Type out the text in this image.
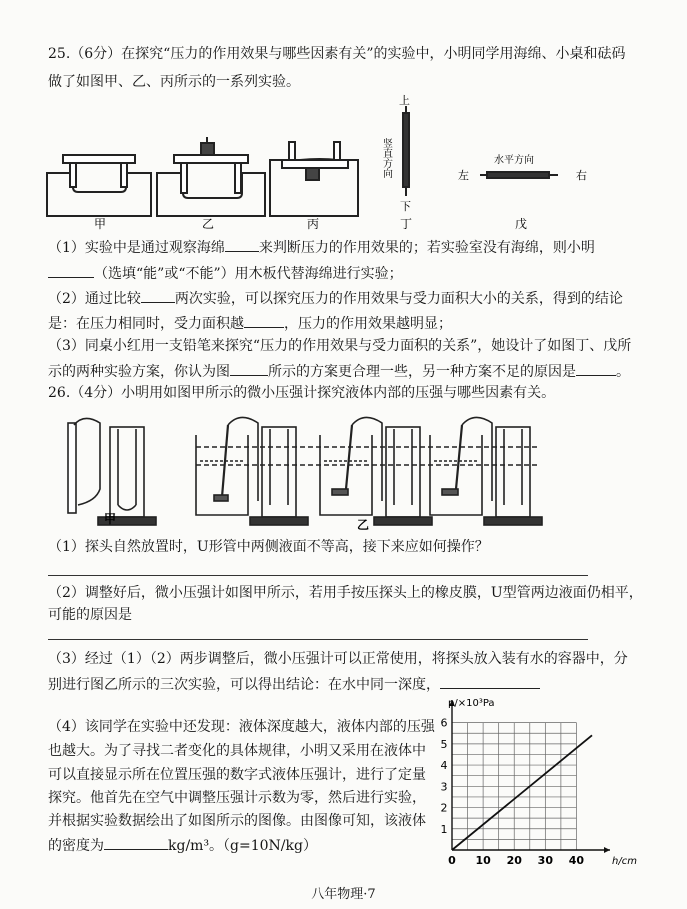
25.（6分）在探究“压力的作用效果与哪些因素有关”的实验中，小明同学用海绵、小桌和砝码
做了如图甲、乙、丙所示的一系列实验。
上
下
竖直方向	左
水平方向
右
甲	乙	丙	丁	戊
（1）实验中是通过观察海绵 来判断压力的作用效果的；若实验室没有海绵，则小明
（选填“能”或“不能”）用木板代替海绵进行实验；
（2）通过比较 两次实验，可以探究压力的作用效果与受力面积大小的关系，得到的结论
是：在压力相同时，受力面积越	，压力的作用效果越明显；
（3）同桌小红用一支铅笔来探究“压力的作用效果与受力面积的关系”，她设计了如图丁、戊所
示的两种实验方案，你认为图	所示的方案更合理一些，另一种方案不足的原因是	。
26.（4分）小明用如图甲所示的微小压强计探究液体内部的压强与哪些因素有关。
甲	乙
（1）探头自然放置时，U形管中两侧液面不等高，接下来应如何操作？
（2）调整好后，微小压强计如图甲所示，若用手按压探头上的橡皮膜，U型管两边液面仍相平，
可能的原因是
（3）经过（1）（2）两步调整后，微小压强计可以正常使用，将探头放入装有水的容器中，分
别进行图乙所示的三次实验，可以得出结论：在水中同一深度，
（4）该同学在实验中还发现：液体深度越大，液体内部的压强
也越大。为了寻找二者变化的具体规律，小明又采用在液体中
可以直接显示所在位置压强的数字式液体压强计，进行了定量
探究。他首先在空气中调整压强计示数为零，然后进行实验，
并根据实验数据绘出了如图所示的图像。由图像可知，该液体
的密度为	kg/m³。（g=10N/kg）
0 10 20 30 40
1
2
3
4
5
6
p/×10³Pa
h/cm
八年物理·7
